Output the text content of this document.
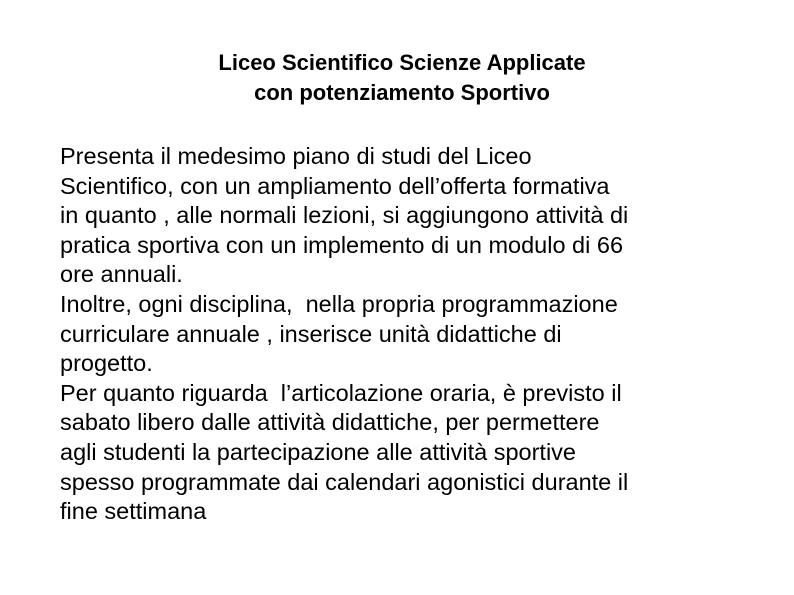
Liceo Scientifico Scienze Applicate
con potenziamento Sportivo
Presenta il medesimo piano di studi del Liceo
Scientifico, con un ampliamento dell’offerta formativa
in quanto , alle normali lezioni, si aggiungono attività di
pratica sportiva con un implemento di un modulo di 66
ore annuali.
Inoltre, ogni disciplina,  nella propria programmazione
curriculare annuale , inserisce unità didattiche di
progetto.
Per quanto riguarda  l’articolazione oraria, è previsto il
sabato libero dalle attività didattiche, per permettere
agli studenti la partecipazione alle attività sportive
spesso programmate dai calendari agonistici durante il
fine settimana
